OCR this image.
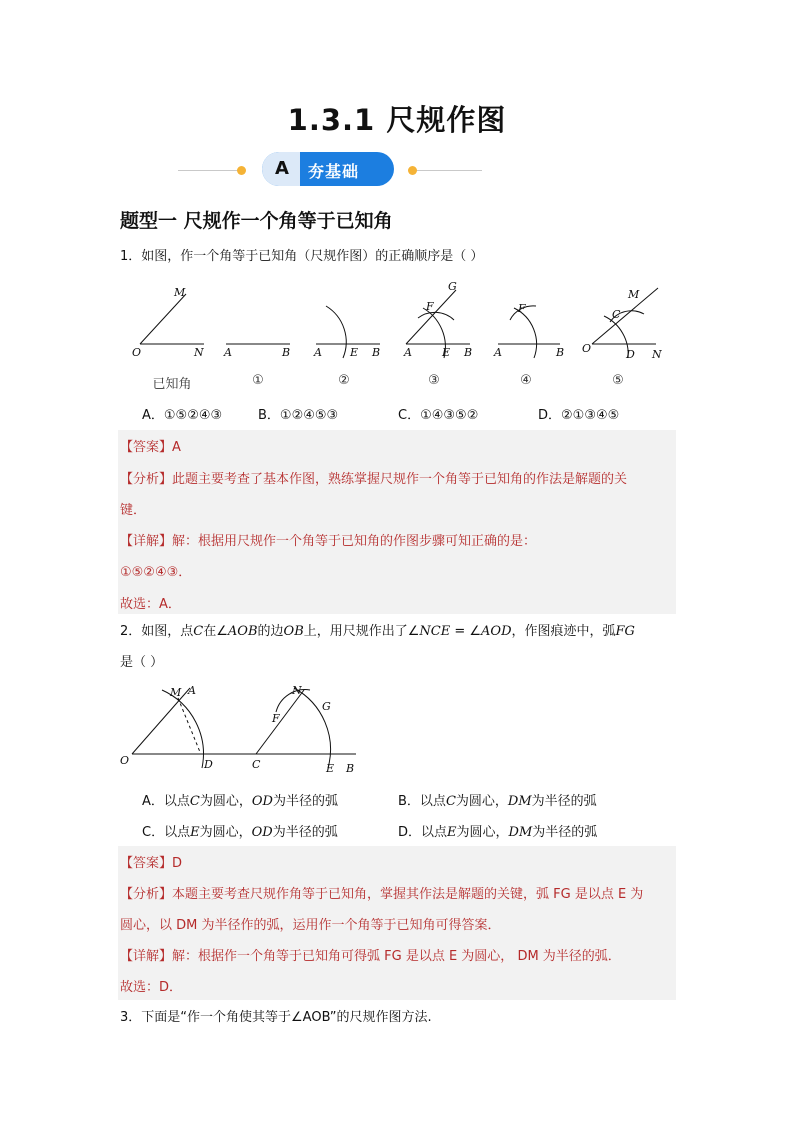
1.3.1 尺规作图
A	夯基础
题型一 尺规作一个角等于已知角
1．如图，作一个角等于已知角（尺规作图）的正确顺序是（ ）
M
O	N A	B A	E B A
F
G
E B A
F
B O
C
M
D N
已知角	①	②	③	④	⑤
A．①⑤②④③	B．①②④⑤③	C．①④③⑤②	D．②①③④⑤
【答案】A
【分析】此题主要考查了基本作图，熟练掌握尺规作一个角等于已知角的作法是解题的关
键．
【详解】解：根据用尺规作一个角等于已知角的作图步骤可知正确的是：
①⑤②④③．
故选：A．
2．如图，点C在∠AOB的边OB上，用尺规作出了∠NCE = ∠AOD，作图痕迹中，弧FG
是（ ）
O
M A
D	C
F
N
G
E B
A．以点C为圆心，OD为半径的弧	B．以点C为圆心，DM为半径的弧
C．以点E为圆心，OD为半径的弧	D．以点E为圆心，DM为半径的弧
【答案】D
【分析】本题主要考查尺规作角等于已知角，掌握其作法是解题的关键，弧 FG 是以点 E 为
圆心，以 DM 为半径作的弧，运用作一个角等于已知角可得答案．
【详解】解：根据作一个角等于已知角可得弧 FG 是以点 E 为圆心， DM 为半径的弧．
故选：D．
3．下面是“作一个角使其等于∠AOB”的尺规作图方法.
